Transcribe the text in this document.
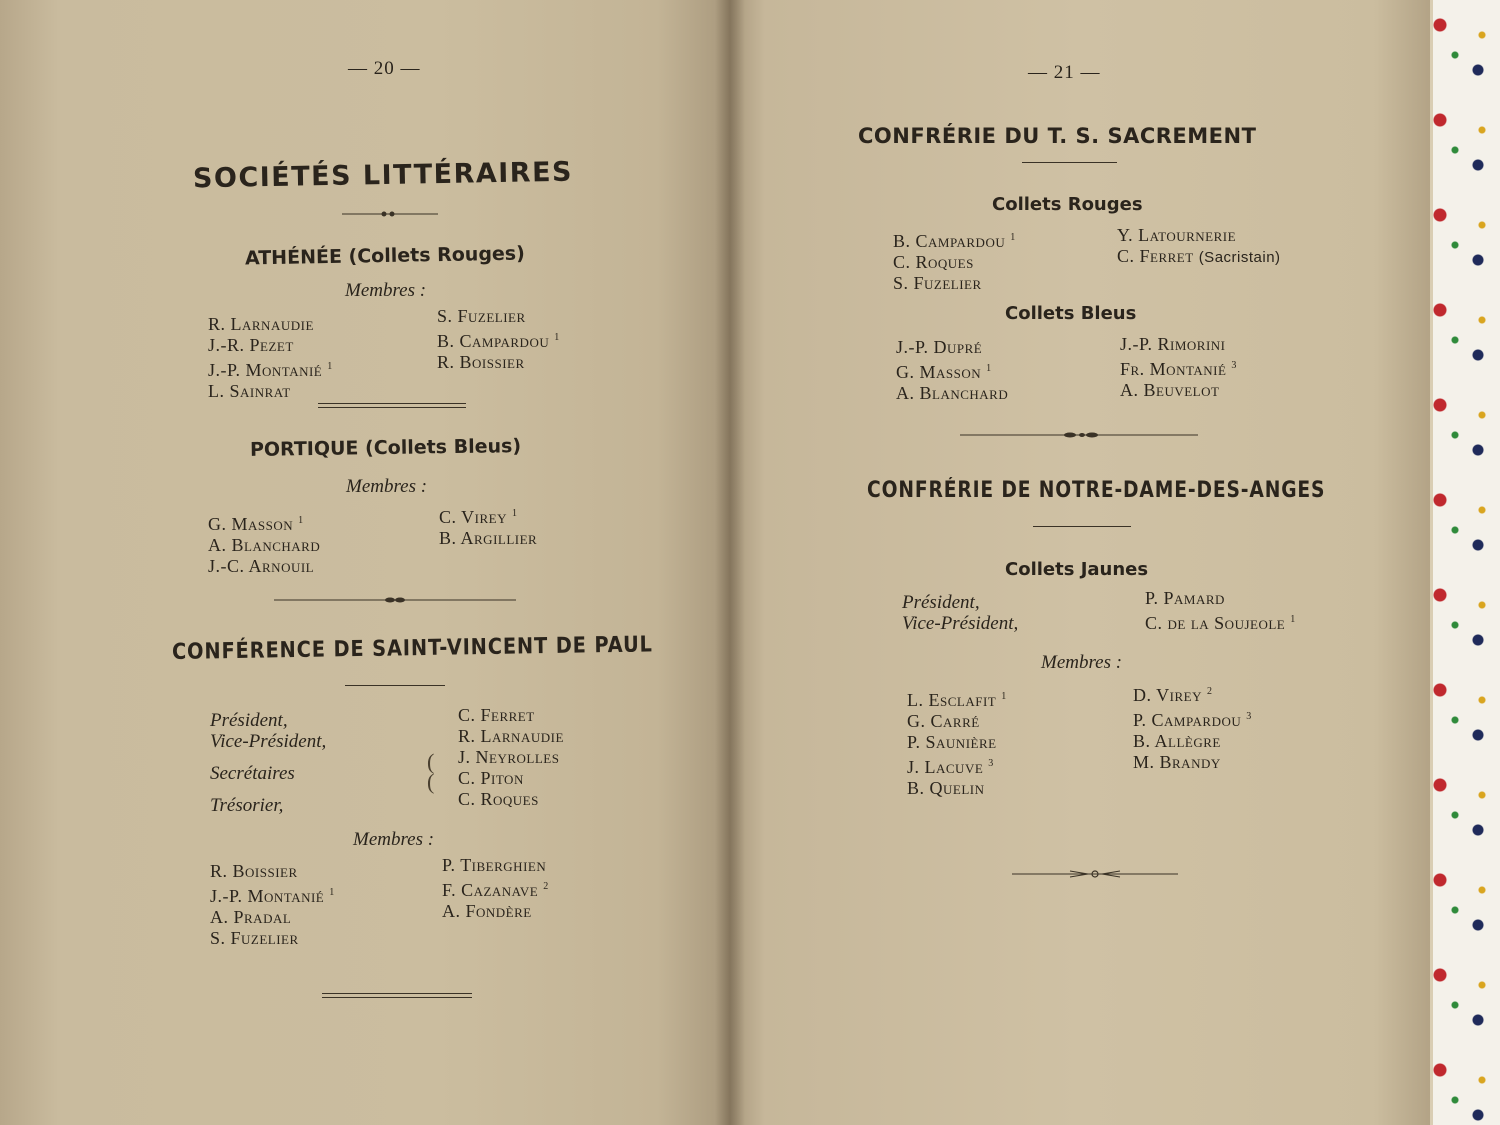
— 20 —
SOCIÉTÉS LITTÉRAIRES
ATHÉNÉE (Collets Rouges)
Membres :
R. Larnaudie
J.-R. Pezet
J.-P. Montanié $^1$
L. Sainrat
S. Fuzelier
B. Campardou $^1$
R. Boissier
PORTIQUE (Collets Bleus)
Membres :
G. Masson $^1$
A. Blanchard
J.-C. Arnouil
C. Virey $^1$
B. Argillier
CONFÉRENCE DE SAINT-VINCENT DE PAUL
Président,
Vice-Président,
Secrétaires
Trésorier,
(
(
C. Ferret
R. Larnaudie
J. Neyrolles
C. Piton
C. Roques
Membres :
R. Boissier
J.-P. Montanié $^1$
A. Pradal
S. Fuzelier
P. Tiberghien
F. Cazanave $^2$
A. Fondère
— 21 —
CONFRÉRIE DU T. S. SACREMENT
Collets Rouges
B. Campardou $^1$
C. Roques
S. Fuzelier
Y. Latournerie
C. Ferret (Sacristain)
Collets Bleus
J.-P. Dupré
G. Masson $^1$
A. Blanchard
J.-P. Rimorini
Fr. Montanié $^3$
A. Beuvelot
CONFRÉRIE DE NOTRE-DAME-DES-ANGES
Collets Jaunes
Président,
Vice-Président,
P. Pamard
C. de la Soujeole $^1$
Membres :
L. Esclafit $^1$
G. Carré
P. Saunière
J. Lacuve $^3$
B. Quelin
D. Virey $^2$
P. Campardou $^3$
B. Allègre
M. Brandy
